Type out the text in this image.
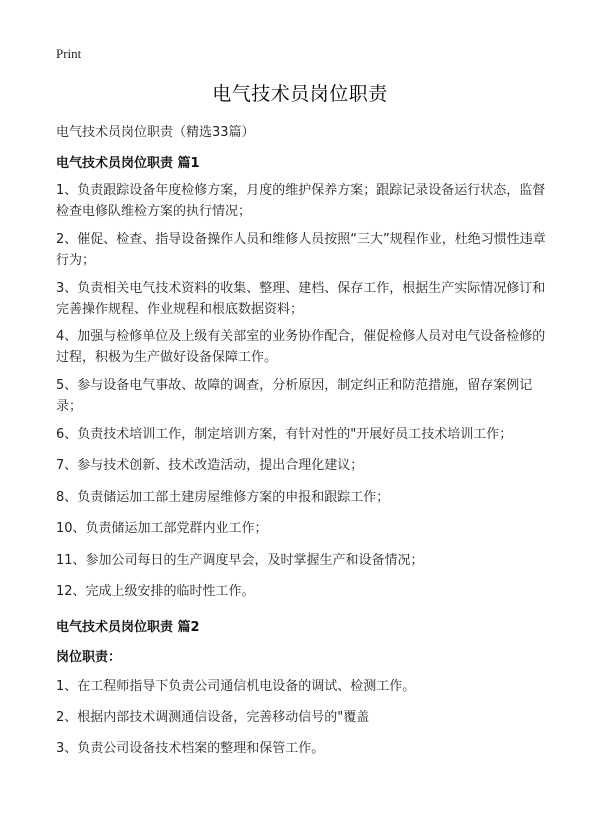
Print
电气技术员岗位职责
电气技术员岗位职责（精选33篇）
电气技术员岗位职责 篇1
1、负责跟踪设备年度检修方案，月度的维护保养方案；跟踪记录设备运行状态，监督检查电修队维检方案的执行情况；
2、催促、检查、指导设备操作人员和维修人员按照“三大”规程作业，杜绝习惯性违章行为；
3、负责相关电气技术资料的收集、整理、建档、保存工作，根据生产实际情况修订和完善操作规程、作业规程和根底数据资料；
4、加强与检修单位及上级有关部室的业务协作配合，催促检修人员对电气设备检修的过程，积极为生产做好设备保障工作。
5、参与设备电气事故、故障的调查，分析原因，制定纠正和防范措施，留存案例记录；
6、负责技术培训工作，制定培训方案，有针对性的"开展好员工技术培训工作；
7、参与技术创新、技术改造活动，提出合理化建议；
8、负责储运加工部土建房屋维修方案的申报和跟踪工作；
10、负责储运加工部党群内业工作；
11、参加公司每日的生产调度早会，及时掌握生产和设备情况；
12、完成上级安排的临时性工作。
电气技术员岗位职责 篇2
岗位职责：
1、在工程师指导下负责公司通信机电设备的调试、检测工作。
2、根据内部技术调测通信设备，完善移动信号的"覆盖
3、负责公司设备技术档案的整理和保管工作。
